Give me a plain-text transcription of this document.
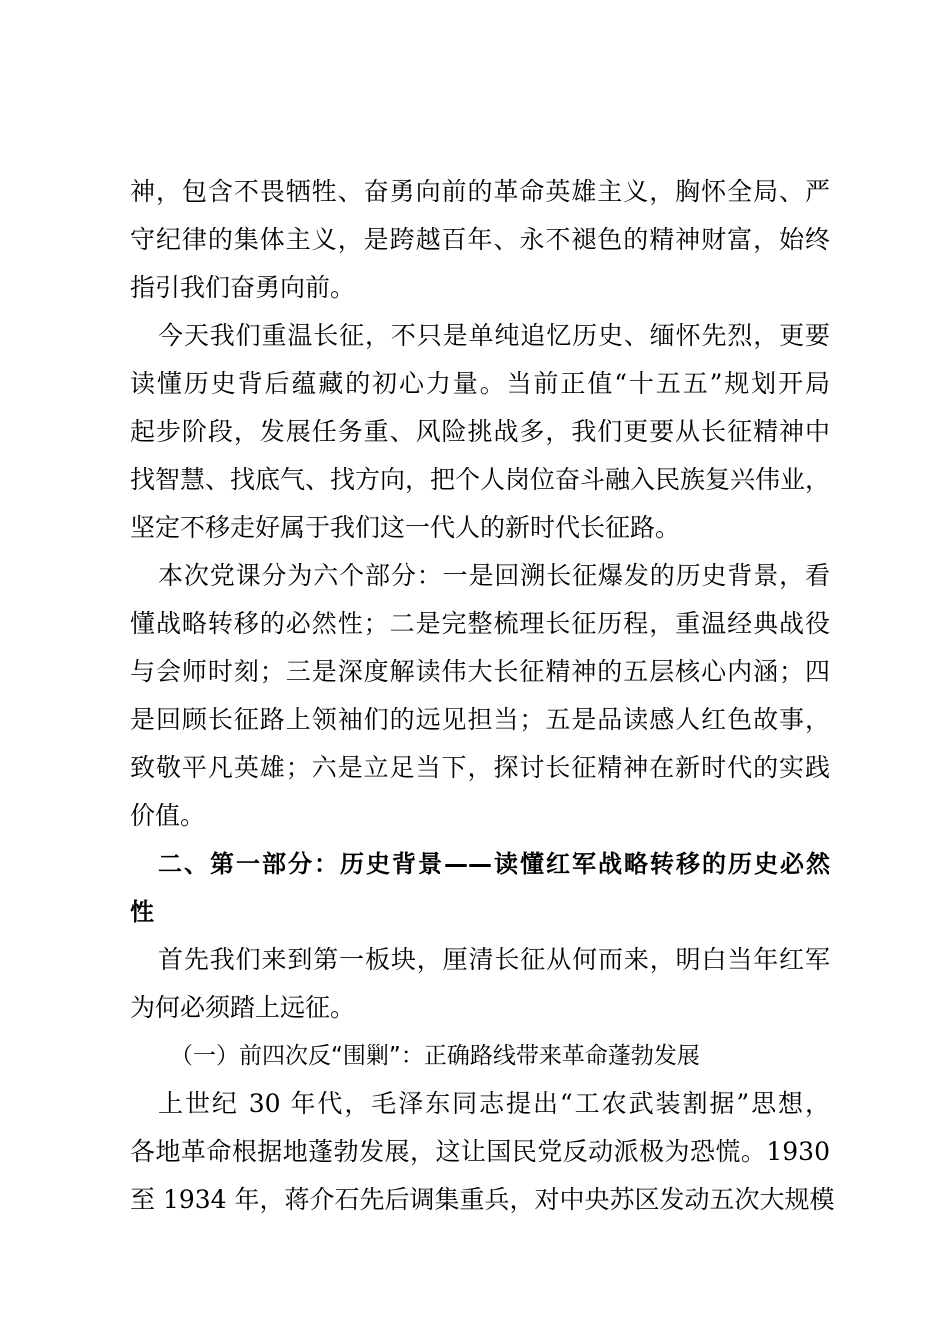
神，包含不畏牺牲、奋勇向前的革命英雄主义，胸怀全局、严
守纪律的集体主义，是跨越百年、永不褪色的精神财富，始终
指引我们奋勇向前。
今天我们重温长征，不只是单纯追忆历史、缅怀先烈，更要
读懂历史背后蕴藏的初心力量。当前正值“十五五”规划开局
起步阶段，发展任务重、风险挑战多，我们更要从长征精神中
找智慧、找底气、找方向，把个人岗位奋斗融入民族复兴伟业，
坚定不移走好属于我们这一代人的新时代长征路。
本次党课分为六个部分：一是回溯长征爆发的历史背景，看
懂战略转移的必然性；二是完整梳理长征历程，重温经典战役
与会师时刻；三是深度解读伟大长征精神的五层核心内涵；四
是回顾长征路上领袖们的远见担当；五是品读感人红色故事，
致敬平凡英雄；六是立足当下，探讨长征精神在新时代的实践
价值。
二、第一部分：历史背景——读懂红军战略转移的历史必然
性
首先我们来到第一板块，厘清长征从何而来，明白当年红军
为何必须踏上远征。
（一）前四次反“围剿”：正确路线带来革命蓬勃发展
上世纪 30 年代，毛泽东同志提出“工农武装割据”思想，
各地革命根据地蓬勃发展，这让国民党反动派极为恐慌。1930
至 1934 年，蒋介石先后调集重兵，对中央苏区发动五次大规模
